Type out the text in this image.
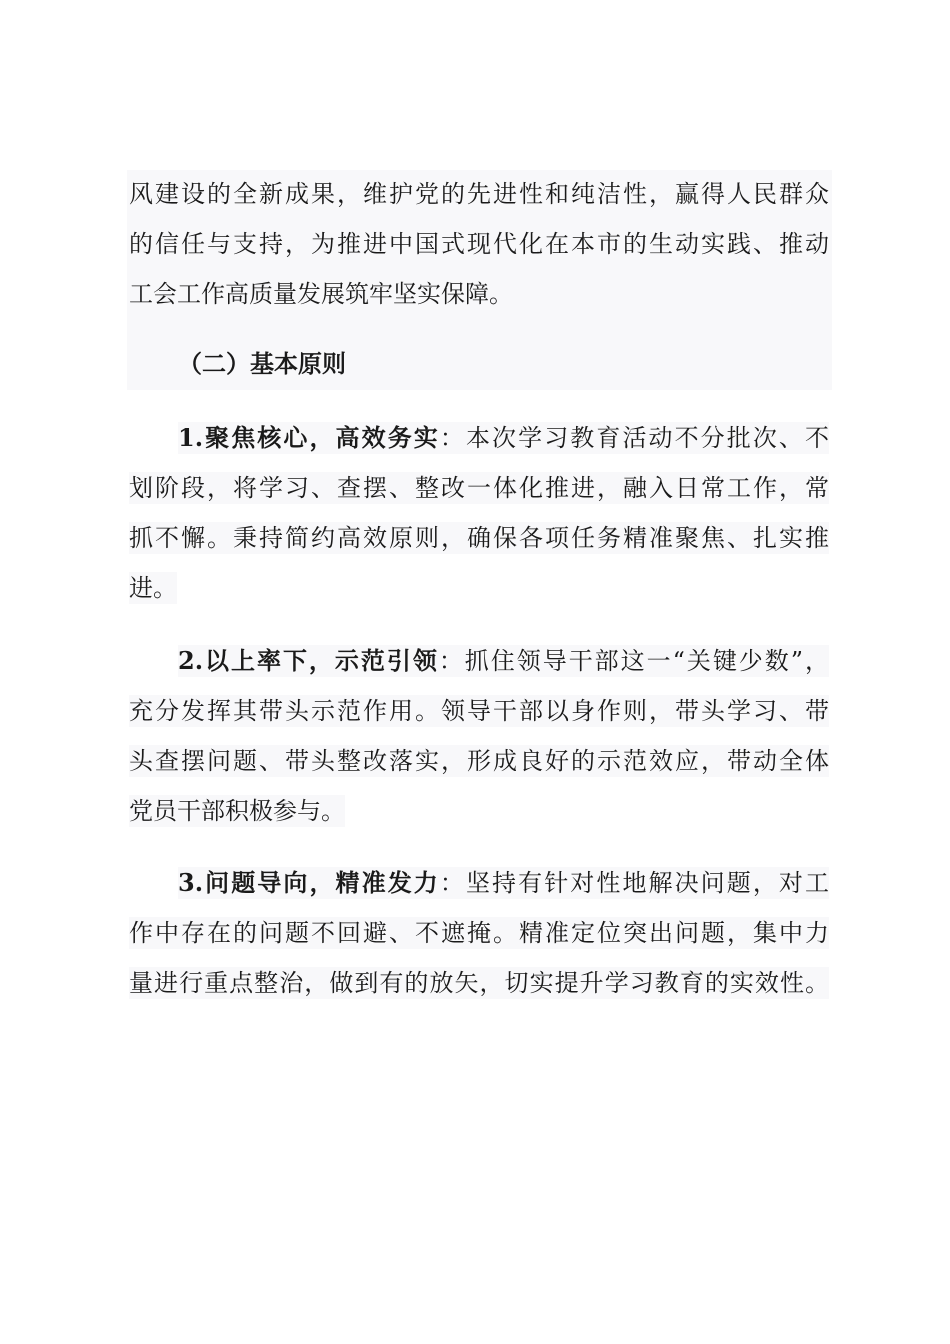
风建设的全新成果，维护党的先进性和纯洁性，赢得人民群众
的信任与支持，为推进中国式现代化在本市的生动实践、推动
工会工作高质量发展筑牢坚实保障。
（二）基本原则
1.聚焦核心，高效务实：本次学习教育活动不分批次、不
划阶段，将学习、查摆、整改一体化推进，融入日常工作，常
抓不懈。秉持简约高效原则，确保各项任务精准聚焦、扎实推
进。
2.以上率下，示范引领：抓住领导干部这一“关键少数”，
充分发挥其带头示范作用。领导干部以身作则，带头学习、带
头查摆问题、带头整改落实，形成良好的示范效应，带动全体
党员干部积极参与。
3.问题导向，精准发力：坚持有针对性地解决问题，对工
作中存在的问题不回避、不遮掩。精准定位突出问题，集中力
量进行重点整治，做到有的放矢，切实提升学习教育的实效性。
